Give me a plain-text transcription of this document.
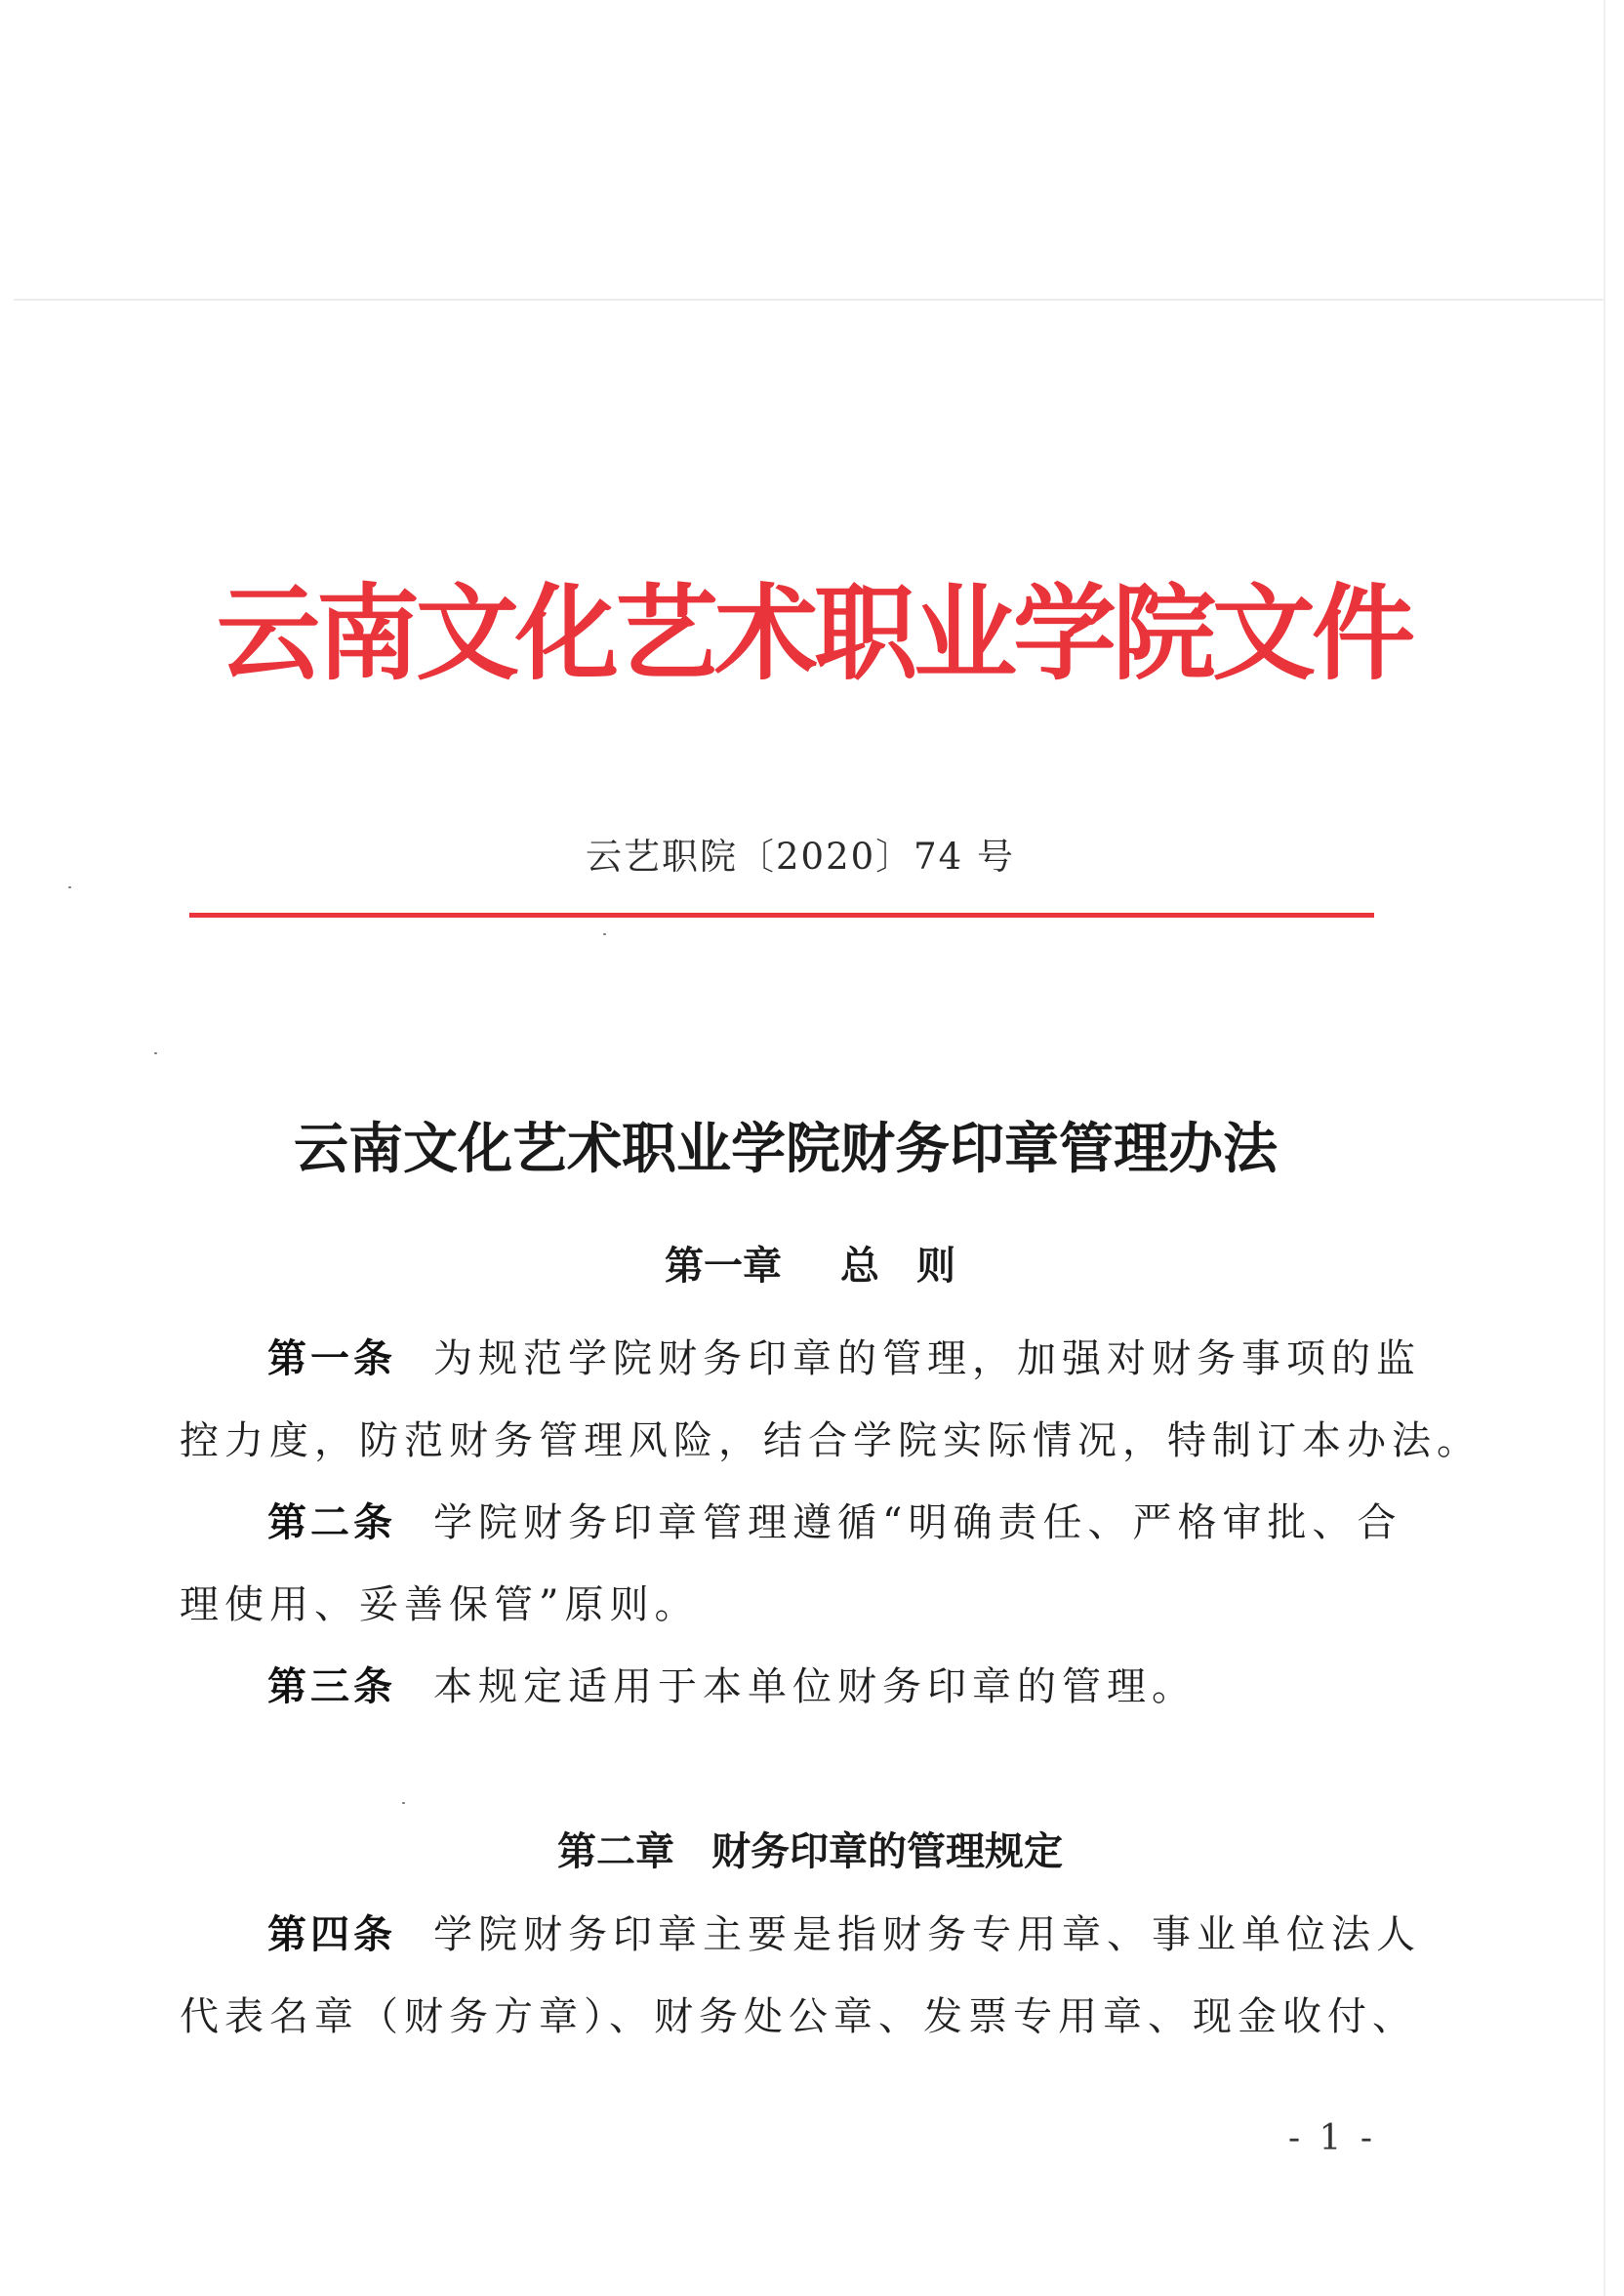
云南文化艺术职业学院文件
云艺职院〔2020〕74 号
云南文化艺术职业学院财务印章管理办法
第一章 总 则
第一条 为规范学院财务印章的管理，加强对财务事项的监
控力度，防范财务管理风险，结合学院实际情况，特制订本办法。
第二条 学院财务印章管理遵循“明确责任、严格审批、合
理使用、妥善保管”原则。
第三条 本规定适用于本单位财务印章的管理。
第二章 财务印章的管理规定
第四条 学院财务印章主要是指财务专用章、事业单位法人
代表名章（财务方章）、财务处公章、发票专用章、现金收付、
- 1 -
